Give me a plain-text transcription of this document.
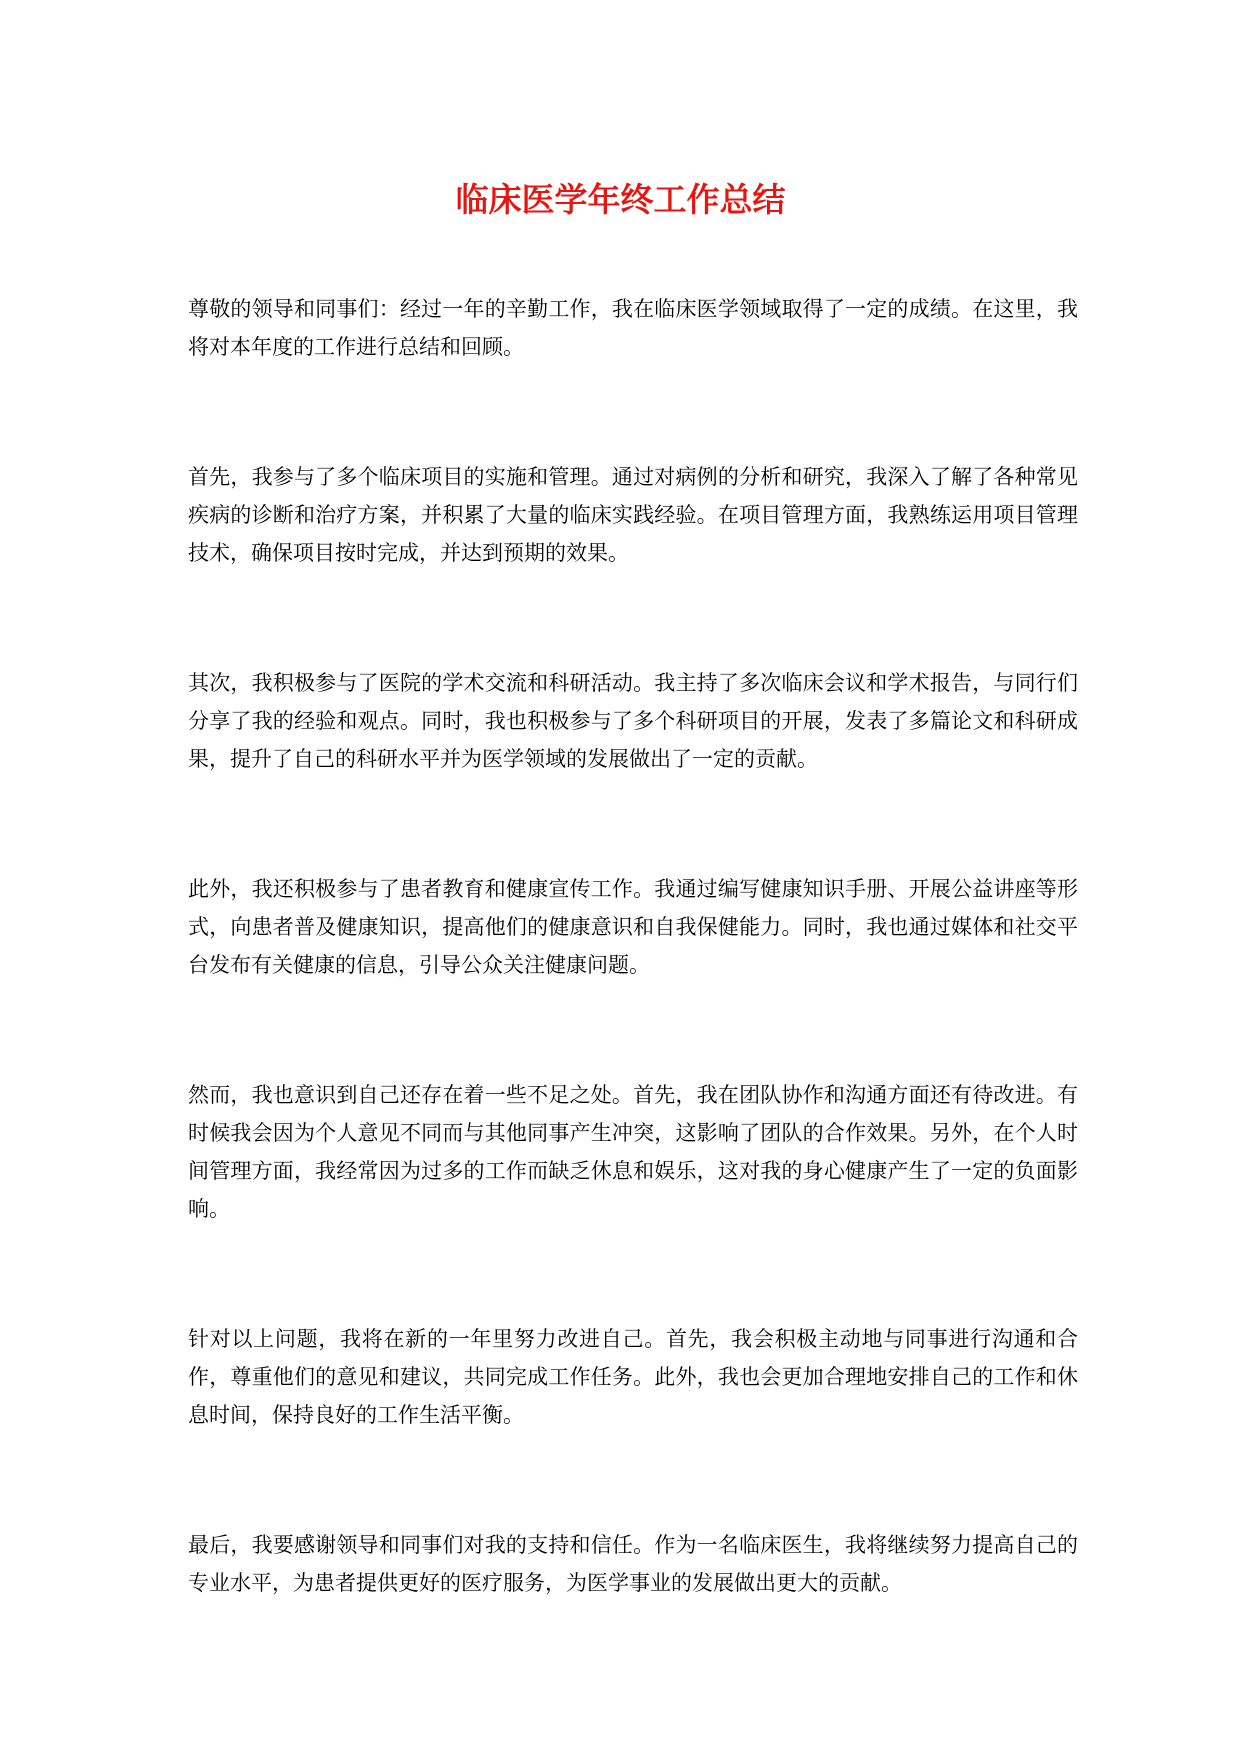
临床医学年终工作总结

尊敬的领导和同事们：经过一年的辛勤工作，我在临床医学领域取得了一定的成绩。在这里，我将对本年度的工作进行总结和回顾。

首先，我参与了多个临床项目的实施和管理。通过对病例的分析和研究，我深入了解了各种常见疾病的诊断和治疗方案，并积累了大量的临床实践经验。在项目管理方面，我熟练运用项目管理技术，确保项目按时完成，并达到预期的效果。

其次，我积极参与了医院的学术交流和科研活动。我主持了多次临床会议和学术报告，与同行们分享了我的经验和观点。同时，我也积极参与了多个科研项目的开展，发表了多篇论文和科研成果，提升了自己的科研水平并为医学领域的发展做出了一定的贡献。

此外，我还积极参与了患者教育和健康宣传工作。我通过编写健康知识手册、开展公益讲座等形式，向患者普及健康知识，提高他们的健康意识和自我保健能力。同时，我也通过媒体和社交平台发布有关健康的信息，引导公众关注健康问题。

然而，我也意识到自己还存在着一些不足之处。首先，我在团队协作和沟通方面还有待改进。有时候我会因为个人意见不同而与其他同事产生冲突，这影响了团队的合作效果。另外，在个人时间管理方面，我经常因为过多的工作而缺乏休息和娱乐，这对我的身心健康产生了一定的负面影响。

针对以上问题，我将在新的一年里努力改进自己。首先，我会积极主动地与同事进行沟通和合作，尊重他们的意见和建议，共同完成工作任务。此外，我也会更加合理地安排自己的工作和休息时间，保持良好的工作生活平衡。

最后，我要感谢领导和同事们对我的支持和信任。作为一名临床医生，我将继续努力提高自己的专业水平，为患者提供更好的医疗服务，为医学事业的发展做出更大的贡献。
